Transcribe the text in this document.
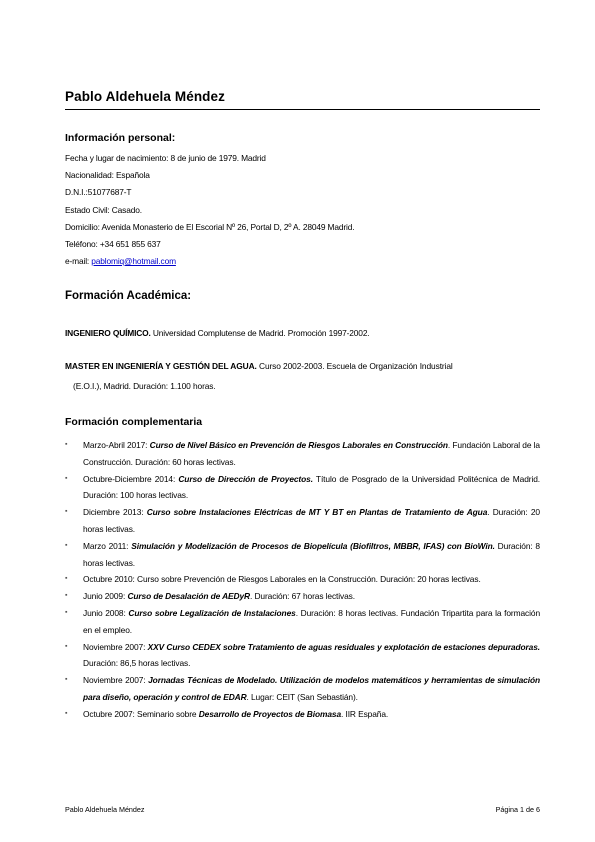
Pablo Aldehuela Méndez
Información personal:
Fecha y lugar de nacimiento: 8 de junio de 1979. Madrid
Nacionalidad: Española
D.N.I.:51077687-T
Estado Civil: Casado.
Domicilio: Avenida Monasterio de El Escorial Nº 26, Portal D, 2º A. 28049 Madrid.
Teléfono: +34 651 855 637
e-mail: pablomiq@hotmail.com
Formación Académica:
INGENIERO QUÍMICO. Universidad Complutense de Madrid. Promoción 1997-2002.
MASTER EN INGENIERÍA Y GESTIÓN DEL AGUA. Curso 2002-2003. Escuela de Organización Industrial
(E.O.I.), Madrid. Duración: 1.100 horas.
Formación complementaria
▪ Marzo-Abril 2017: Curso de Nivel Básico en Prevención de Riesgos Laborales en Construcción. Fundación Laboral de la Construcción. Duración: 60 horas lectivas.
▪ Octubre-Diciembre 2014: Curso de Dirección de Proyectos. Título de Posgrado de la Universidad Politécnica de Madrid. Duración: 100 horas lectivas.
▪ Diciembre 2013: Curso sobre Instalaciones Eléctricas de MT Y BT en Plantas de Tratamiento de Agua. Duración: 20 horas lectivas.
▪ Marzo 2011: Simulación y Modelización de Procesos de Biopelícula (Biofiltros, MBBR, IFAS) con BioWin. Duración: 8 horas lectivas.
▪ Octubre 2010: Curso sobre Prevención de Riesgos Laborales en la Construcción. Duración: 20 horas lectivas.
▪ Junio 2009: Curso de Desalación de AEDyR. Duración: 67 horas lectivas.
▪ Junio 2008: Curso sobre Legalización de Instalaciones. Duración: 8 horas lectivas. Fundación Tripartita para la formación en el empleo.
▪ Noviembre 2007: XXV Curso CEDEX sobre Tratamiento de aguas residuales y explotación de estaciones depuradoras. Duración: 86,5 horas lectivas.
▪ Noviembre 2007: Jornadas Técnicas de Modelado. Utilización de modelos matemáticos y herramientas de simulación para diseño, operación y control de EDAR. Lugar: CEIT (San Sebastián).
▪ Octubre 2007: Seminario sobre Desarrollo de Proyectos de Biomasa. IIR España.
Pablo Aldehuela Méndez	Página 1 de 6
